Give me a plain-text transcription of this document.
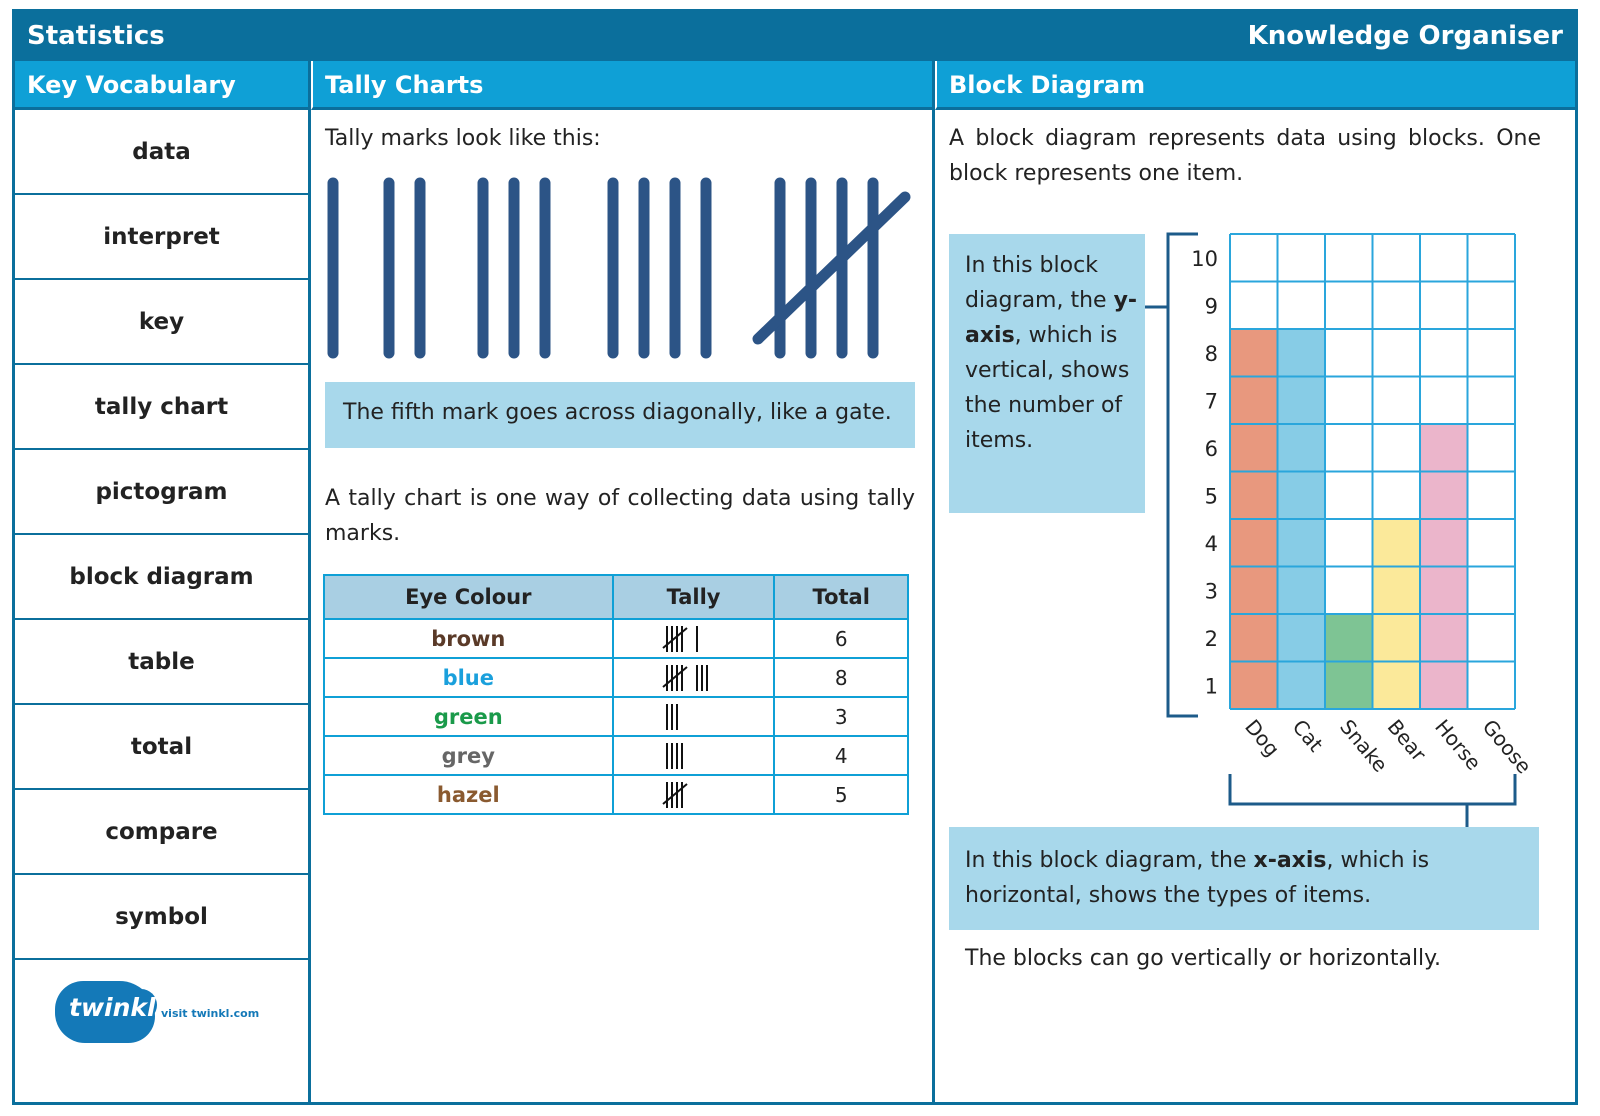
Statistics	Knowledge Organiser
Key Vocabulary
data
interpret
key
tally chart
pictogram
block diagram
table
total
compare
symbol
twinkl visit twinkl.com
Tally Charts
Tally marks look like this:
The fifth mark goes across diagonally, like a gate.
A tally chart is one way of collecting data using tally marks.
Eye Colour	Tally	Total
brown		6
blue		8
green		3
grey		4
hazel		5
Block Diagram
A block diagram represents data using blocks. One block represents one item.
In this block diagram, the y-axis, which is vertical, shows the number of items.
1
2
3
4
5
6
7
8
9
10
Dog Cat Snake
Bear Horse
Goose
In this block diagram, the x-axis, which is horizontal, shows the types of items.
The blocks can go vertically or horizontally.
